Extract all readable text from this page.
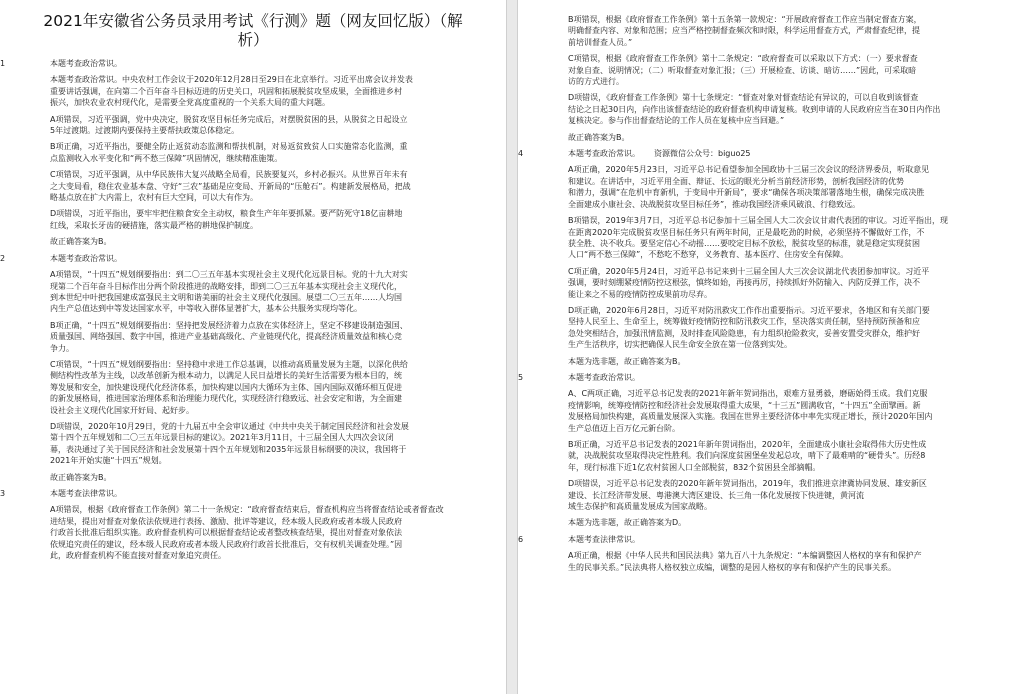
2021年安徽省公务员录用考试《行测》题（网友回忆版）（解
析）
1	本题考查政治常识。
本题考查政治常识。中央农村工作会议于2020年12月28日至29日在北京举行。习近平出席会议并发表
重要讲话强调，在向第二个百年奋斗目标迈进的历史关口，巩固和拓展脱贫攻坚成果，全面推进乡村
振兴，加快农业农村现代化，是需要全党高度重视的一个关系大局的重大问题。
A项错误，习近平强调，党中央决定，脱贫攻坚目标任务完成后，对摆脱贫困的县，从脱贫之日起设立
5年过渡期。过渡期内要保持主要帮扶政策总体稳定。
B项正确，习近平指出，要健全防止返贫动态监测和帮扶机制，对易返贫致贫人口实施常态化监测，重
点监测收入水平变化和“两不愁三保障”巩固情况，继续精准施策。
C项错误，习近平强调，从中华民族伟大复兴战略全局看，民族要复兴，乡村必振兴。从世界百年未有
之大变局看，稳住农业基本盘、守好“三农”基础是应变局、开新局的“压舱石”。构建新发展格局，把战
略基点放在扩大内需上，农村有巨大空间，可以大有作为。
D项错误，习近平指出，要牢牢把住粮食安全主动权，粮食生产年年要抓紧。要严防死守18亿亩耕地
红线，采取长牙齿的硬措施，落实最严格的耕地保护制度。
故正确答案为B。
2	本题考查政治常识。
A项错误，“十四五”规划纲要指出：到二〇三五年基本实现社会主义现代化远景目标。党的十九大对实
现第二个百年奋斗目标作出分两个阶段推进的战略安排，即到二〇三五年基本实现社会主义现代化，
到本世纪中叶把我国建成富强民主文明和谐美丽的社会主义现代化强国。展望二〇三五年……人均国
内生产总值达到中等发达国家水平，中等收入群体显著扩大，基本公共服务实现均等化。
B项正确，“十四五”规划纲要指出：坚持把发展经济着力点放在实体经济上，坚定不移建设制造强国、
质量强国、网络强国、数字中国，推进产业基础高级化、产业链现代化，提高经济质量效益和核心竞
争力。
C项错误，“十四五”规划纲要指出：坚持稳中求进工作总基调，以推动高质量发展为主题，以深化供给
侧结构性改革为主线，以改革创新为根本动力，以满足人民日益增长的美好生活需要为根本目的，统
筹发展和安全，加快建设现代化经济体系，加快构建以国内大循环为主体、国内国际双循环相互促进
的新发展格局，推进国家治理体系和治理能力现代化，实现经济行稳致远、社会安定和谐，为全面建
设社会主义现代化国家开好局、起好步。
D项错误，2020年10月29日，党的十九届五中全会审议通过《中共中央关于制定国民经济和社会发展
第十四个五年规划和二〇三五年远景目标的建议》。2021年3月11日，十三届全国人大四次会议闭
幕，表决通过了关于国民经济和社会发展第十四个五年规划和2035年远景目标纲要的决议，我国将于
2021年开始实施“十四五”规划。
故正确答案为B。
3	本题考查法律常识。
A项错误，根据《政府督查工作条例》第二十一条规定：“政府督查结束后，督查机构应当将督查结论或者督查改
进结果，提出对督查对象依法依规进行表扬、激励、批评等建议，经本级人民政府或者本级人民政府
行政首长批准后组织实施。政府督查机构可以根据督查结论或者整改核查结果，提出对督查对象依法
依规追究责任的建议，经本级人民政府或者本级人民政府行政首长批准后，交有权机关调查处理。”因
此，政府督查机构不能直接对督查对象追究责任。
B项错误，根据《政府督查工作条例》第十五条第一款规定：“开展政府督查工作应当制定督查方案，
明确督查内容、对象和范围；应当严格控制督查频次和时限，科学运用督查方式，严肃督查纪律，提
前培训督查人员。”
C项错误，根据《政府督查工作条例》第十二条规定：“政府督查可以采取以下方式：（一）要求督查
对象自查、说明情况；（二）听取督查对象汇报；（三）开展检查、访谈、暗访……”因此，可采取暗
访的方式进行。
D项错误，《政府督查工作条例》第十七条规定：“督查对象对督查结论有异议的，可以自收到该督查
结论之日起30日内，向作出该督查结论的政府督查机构申请复核。收到申请的人民政府应当在30日内作出
复核决定。参与作出督查结论的工作人员在复核中应当回避。”
故正确答案为B。
4	本题考查政治常识。 资源微信公众号：biguo25
A项正确，2020年5月23日，习近平总书记看望参加全国政协十三届三次会议的经济界委员，听取意见
和建议。在讲话中，习近平用全面、辩证、长远的眼光分析当前经济形势，剖析我国经济的优势
和潜力，强调“在危机中育新机，于变局中开新局”，要求“确保各项决策部署落地生根，确保完成决胜
全面建成小康社会、决战脱贫攻坚目标任务”，推动我国经济乘风破浪、行稳致远。
B项错误，2019年3月7日，习近平总书记参加十三届全国人大二次会议甘肃代表团的审议。习近平指出，现
在距离2020年完成脱贫攻坚目标任务只有两年时间，正是最吃劲的时候，必须坚持不懈做好工作，不
获全胜、决不收兵。要坚定信心不动摇……要咬定目标不放松，脱贫攻坚的标准，就是稳定实现贫困
人口“两不愁三保障”，不愁吃不愁穿，义务教育、基本医疗、住房安全有保障。
C项正确，2020年5月24日，习近平总书记来到十三届全国人大三次会议湖北代表团参加审议。习近平
强调，要时刻绷紧疫情防控这根弦，慎终如始，再接再厉，持续抓好外防输入、内防反弹工作，决不
能让来之不易的疫情防控成果前功尽弃。
D项正确，2020年6月28日，习近平对防汛救灾工作作出重要指示。习近平要求，各地区和有关部门要
坚持人民至上、生命至上，统筹做好疫情防控和防汛救灾工作，坚决落实责任制，坚持预防预备和应
急处突相结合，加强汛情监测，及时排查风险隐患，有力组织抢险救灾，妥善安置受灾群众，维护好
生产生活秩序，切实把确保人民生命安全放在第一位落到实处。
本题为选非题，故正确答案为B。
5	本题考查政治常识。
A、C两项正确，习近平总书记发表的2021年新年贺词指出，艰难方显勇毅，磨砺始得玉成。我们克服
疫情影响，统筹疫情防控和经济社会发展取得重大成果，“十三五”圆满收官，“十四五”全面擘画。新
发展格局加快构建，高质量发展深入实施。我国在世界主要经济体中率先实现正增长，预计2020年国内
生产总值迈上百万亿元新台阶。
B项正确，习近平总书记发表的2021年新年贺词指出，2020年，全面建成小康社会取得伟大历史性成
就，决战脱贫攻坚取得决定性胜利。我们向深度贫困堡垒发起总攻，啃下了最难啃的“硬骨头”。历经8
年，现行标准下近1亿农村贫困人口全部脱贫，832个贫困县全部摘帽。
D项错误，习近平总书记发表的2020年新年贺词指出，2019年，我们推进京津冀协同发展、雄安新区
建设、长江经济带发展、粤港澳大湾区建设、长三角一体化发展按下快进键，黄河流
域生态保护和高质量发展成为国家战略。
本题为选非题，故正确答案为D。
6	本题考查法律常识。
A项正确，根据《中华人民共和国民法典》第九百八十九条规定：“本编调整因人格权的享有和保护产
生的民事关系。”民法典将人格权独立成编，调整的是因人格权的享有和保护产生的民事关系。
